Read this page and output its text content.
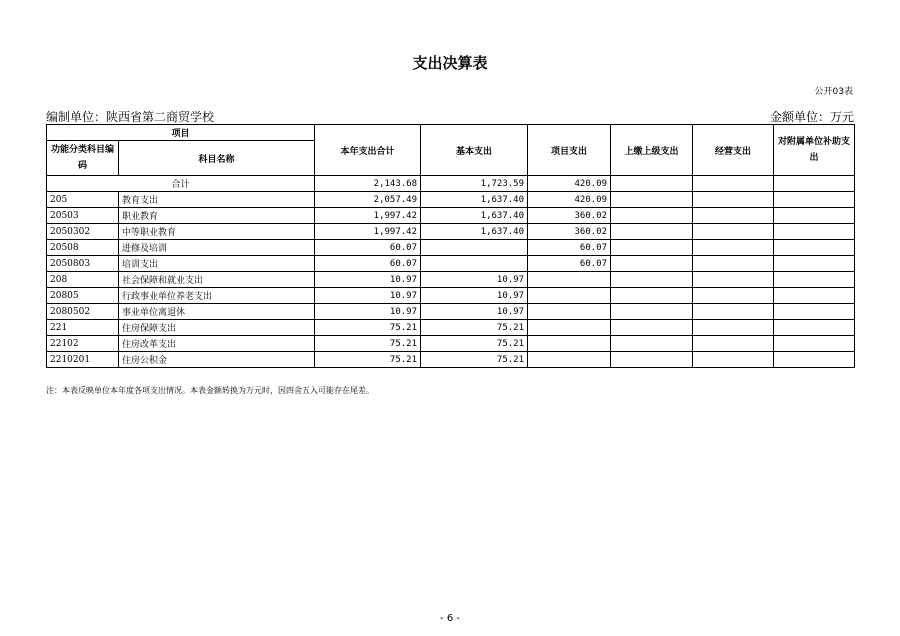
支出决算表
公开03表
编制单位：陕西省第二商贸学校	金额单位：万元
项目		本年支出合计	基本支出	项目支出	上缴上级支出	经营支出	对附属单位补助支出
功能分类科目编码	科目名称						
合计		2,143.68	1,723.59	420.09			
205	教育支出	2,057.49	1,637.40	420.09			
20503	职业教育	1,997.42	1,637.40	360.02			
2050302	中等职业教育	1,997.42	1,637.40	360.02			
20508	进修及培训	60.07		60.07			
2050803	培训支出	60.07		60.07			
208	社会保障和就业支出	10.97	10.97				
20805	行政事业单位养老支出	10.97	10.97				
2080502	事业单位离退休	10.97	10.97				
221	住房保障支出	75.21	75.21				
22102	住房改革支出	75.21	75.21				
2210201	住房公积金	75.21	75.21				
注：本表反映单位本年度各项支出情况。本表金额转换为万元时，因四舍五入可能存在尾差。
- 6 -
